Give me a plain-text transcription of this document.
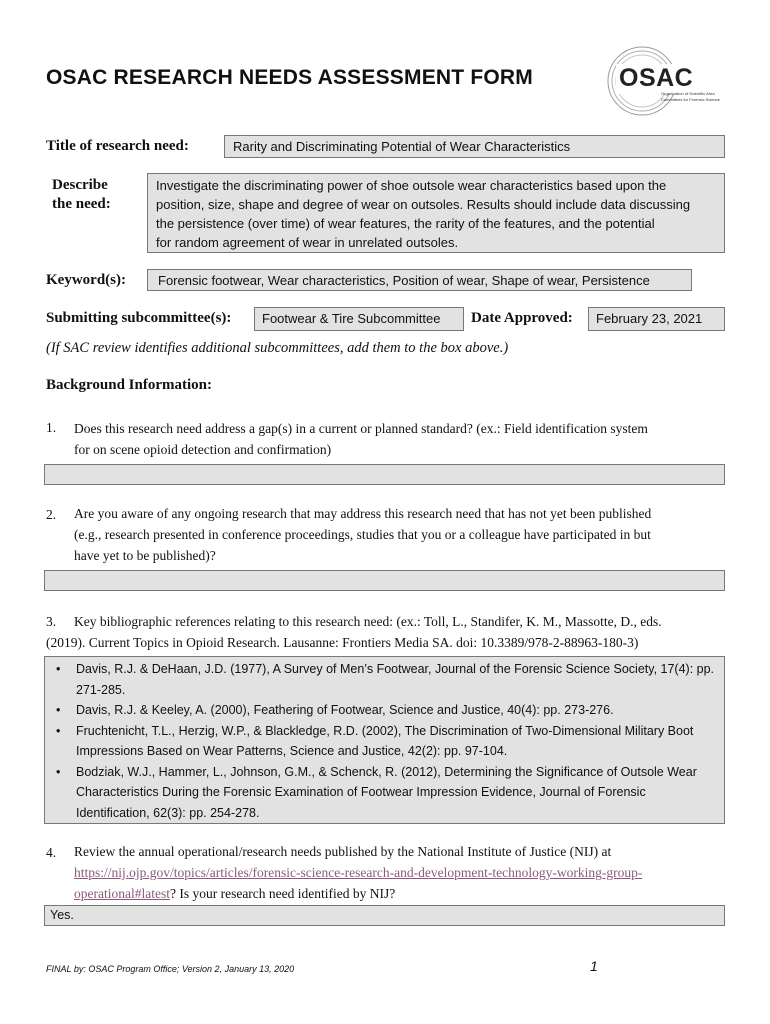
OSAC RESEARCH NEEDS ASSESSMENT FORM	OSAC
Organization of Scientific Area
Committees for Forensic Science
Title of research need:	Rarity and Discriminating Potential of Wear Characteristics
Describe
the need:
Investigate the discriminating power of shoe outsole wear characteristics based upon the
position, size, shape and degree of wear on outsoles. Results should include data discussing
the persistence (over time) of wear features, the rarity of the features, and the potential
for random agreement of wear in unrelated outsoles.
Keyword(s):	Forensic footwear, Wear characteristics, Position of wear, Shape of wear, Persistence
Submitting subcommittee(s):	Footwear & Tire Subcommittee	Date Approved:	February 23, 2021
(If SAC review identifies additional subcommittees, add them to the box above.)
Background Information:
1. Does this research need address a gap(s) in a current or planned standard? (ex.: Field identification system
for on scene opioid detection and confirmation)
2. Are you aware of any ongoing research that may address this research need that has not yet been published
(e.g., research presented in conference proceedings, studies that you or a colleague have participated in but
have yet to be published)?
3. Key bibliographic references relating to this research need: (ex.: Toll, L., Standifer, K. M., Massotte, D., eds.
(2019). Current Topics in Opioid Research. Lausanne: Frontiers Media SA. doi: 10.3389/978-2-88963-180-3)
• Davis, R.J. & DeHaan, J.D. (1977), A Survey of Men’s Footwear, Journal of the Forensic Science Society, 17(4): pp.
271-285.
• Davis, R.J. & Keeley, A. (2000), Feathering of Footwear, Science and Justice, 40(4): pp. 273-276.
• Fruchtenicht, T.L., Herzig, W.P., & Blackledge, R.D. (2002), The Discrimination of Two-Dimensional Military Boot
Impressions Based on Wear Patterns, Science and Justice, 42(2): pp. 97-104.
• Bodziak, W.J., Hammer, L., Johnson, G.M., & Schenck, R. (2012), Determining the Significance of Outsole Wear
Characteristics During the Forensic Examination of Footwear Impression Evidence, Journal of Forensic
Identification, 62(3): pp. 254-278.
4. Review the annual operational/research needs published by the National Institute of Justice (NIJ) at
https://nij.ojp.gov/topics/articles/forensic-science-research-and-development-technology-working-group-
operational#latest? Is your research need identified by NIJ?
Yes.
FINAL by: OSAC Program Office; Version 2, January 13, 2020	1
